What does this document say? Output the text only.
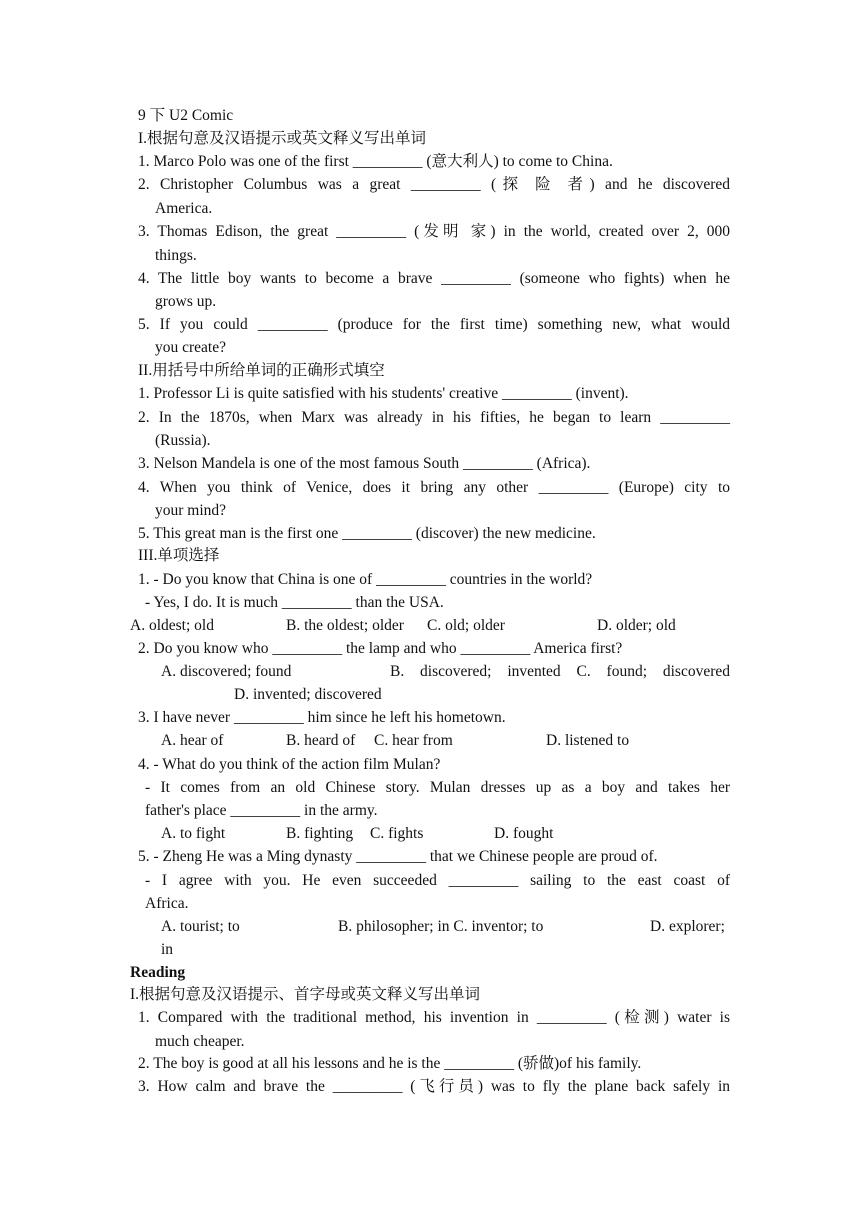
9 下 U2 Comic
I.根据句意及汉语提示或英文释义写出单词
1. Marco Polo was one of the first _________ (意大利人) to come to China.
2. Christopher Columbus was a great _________ (探 险 者) and he discovered
America.
3. Thomas Edison, the great _________ (发明 家) in the world, created over 2, 000
things.
4. The little boy wants to become a brave _________ (someone who fights) when he
grows up.
5. If you could _________ (produce for the first time) something new, what would
you create?
II.用括号中所给单词的正确形式填空
1. Professor Li is quite satisfied with his students' creative _________ (invent).
2. In the 1870s, when Marx was already in his fifties, he began to learn _________
(Russia).
3. Nelson Mandela is one of the most famous South _________ (Africa).
4. When you think of Venice, does it bring any other _________ (Europe) city to
your mind?
5. This great man is the first one _________ (discover) the new medicine.
III.单项选择
1. - Do you know that China is one of _________ countries in the world?
- Yes, I do. It is much _________ than the USA.
A. oldest; old	B. the oldest; older C. old; older	D. older; old
2. Do you know who _________ the lamp and who _________ America first?
A. discovered; found	B. discovered; invented C. found; discovered
D. invented; discovered
3. I have never _________ him since he left his hometown.
A. hear of	B. heard of C. hear from	D. listened to
4. - What do you think of the action film Mulan?
- It comes from an old Chinese story. Mulan dresses up as a boy and takes her
father's place _________ in the army.
A. to fight	B. fighting C. fights	D. fought
5. - Zheng He was a Ming dynasty _________ that we Chinese people are proud of.
- I agree with you. He even succeeded _________ sailing to the east coast of
Africa.
A. tourist; to	B. philosopher; in C. inventor; to	D. explorer;
in
Reading
I.根据句意及汉语提示、首字母或英文释义写出单词
1. Compared with the traditional method, his invention in _________ (检测) water is
much cheaper.
2. The boy is good at all his lessons and he is the _________ (骄做)of his family.
3. How calm and brave the _________ (飞行员) was to fly the plane back safely in
